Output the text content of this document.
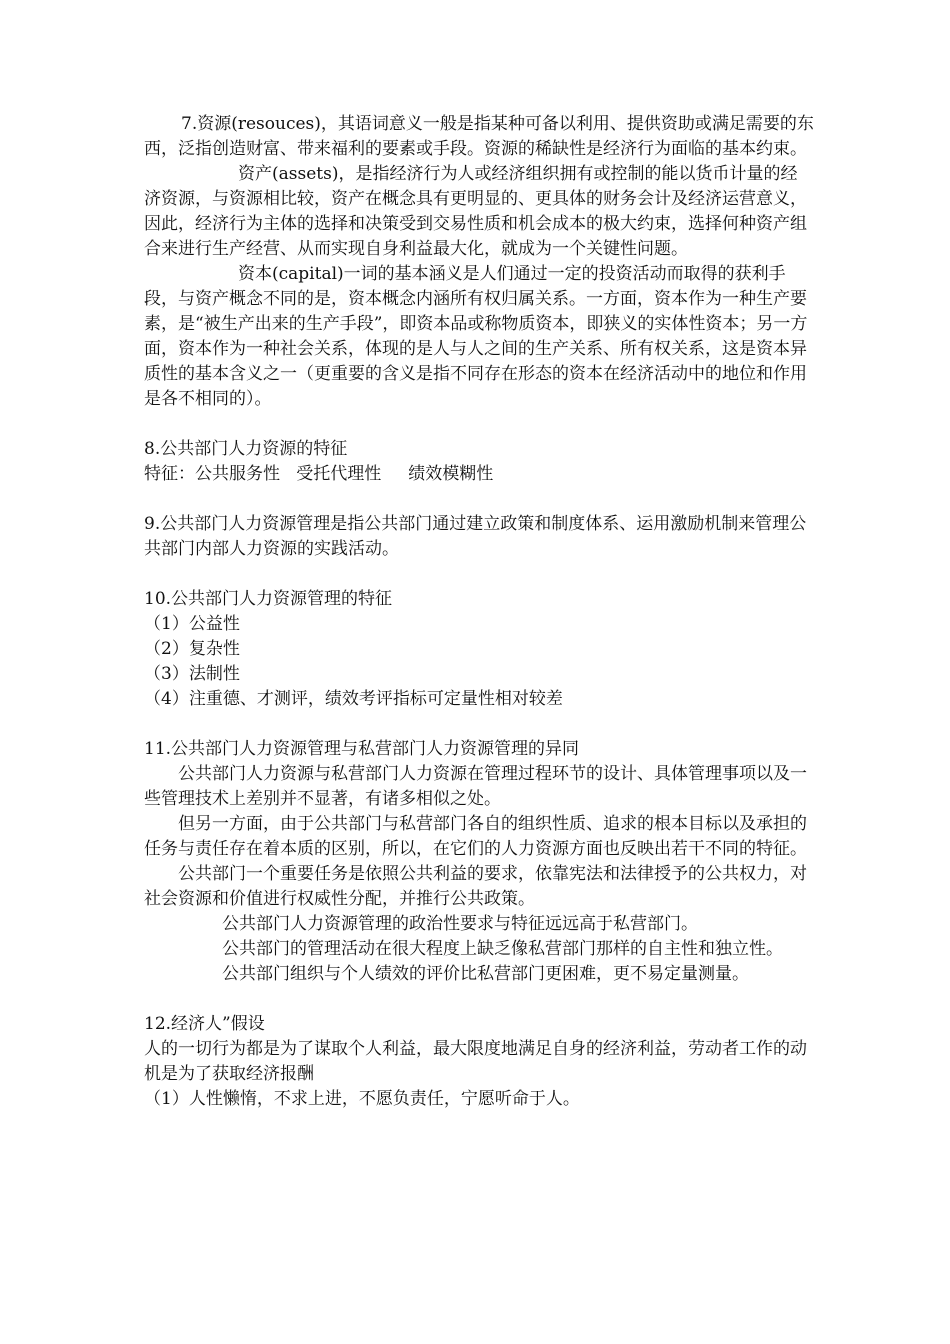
7.资源(resouces)，其语词意义一般是指某种可备以利用、提供资助或满足需要的东西，泛指创造财富、带来福利的要素或手段。资源的稀缺性是经济行为面临的基本约束。

资产(assets)，是指经济行为人或经济组织拥有或控制的能以货币计量的经济资源，与资源相比较，资产在概念具有更明显的、更具体的财务会计及经济运营意义，因此，经济行为主体的选择和决策受到交易性质和机会成本的极大约束，选择何种资产组合来进行生产经营、从而实现自身利益最大化，就成为一个关键性问题。

资本(capital)一词的基本涵义是人们通过一定的投资活动而取得的获利手段，与资产概念不同的是，资本概念内涵所有权归属关系。一方面，资本作为一种生产要素，是“被生产出来的生产手段”，即资本品或称物质资本，即狭义的实体性资本；另一方面，资本作为一种社会关系，体现的是人与人之间的生产关系、所有权关系，这是资本异质性的基本含义之一（更重要的含义是指不同存在形态的资本在经济活动中的地位和作用是各不相同的）。

8.公共部门人力资源的特征

特征：公共服务性   受托代理性     绩效模糊性

9.公共部门人力资源管理是指公共部门通过建立政策和制度体系、运用激励机制来管理公共部门内部人力资源的实践活动。

10.公共部门人力资源管理的特征

（1）公益性

（2）复杂性

（3）法制性

（4）注重德、才测评，绩效考评指标可定量性相对较差

11.公共部门人力资源管理与私营部门人力资源管理的异同

公共部门人力资源与私营部门人力资源在管理过程环节的设计、具体管理事项以及一些管理技术上差别并不显著，有诸多相似之处。

但另一方面，由于公共部门与私营部门各自的组织性质、追求的根本目标以及承担的任务与责任存在着本质的区别，所以，在它们的人力资源方面也反映出若干不同的特征。

公共部门一个重要任务是依照公共利益的要求，依靠宪法和法律授予的公共权力，对社会资源和价值进行权威性分配，并推行公共政策。

公共部门人力资源管理的政治性要求与特征远远高于私营部门。

公共部门的管理活动在很大程度上缺乏像私营部门那样的自主性和独立性。

公共部门组织与个人绩效的评价比私营部门更困难，更不易定量测量。

12.经济人”假设

人的一切行为都是为了谋取个人利益，最大限度地满足自身的经济利益，劳动者工作的动机是为了获取经济报酬

（1）人性懒惰，不求上进，不愿负责任，宁愿听命于人。
